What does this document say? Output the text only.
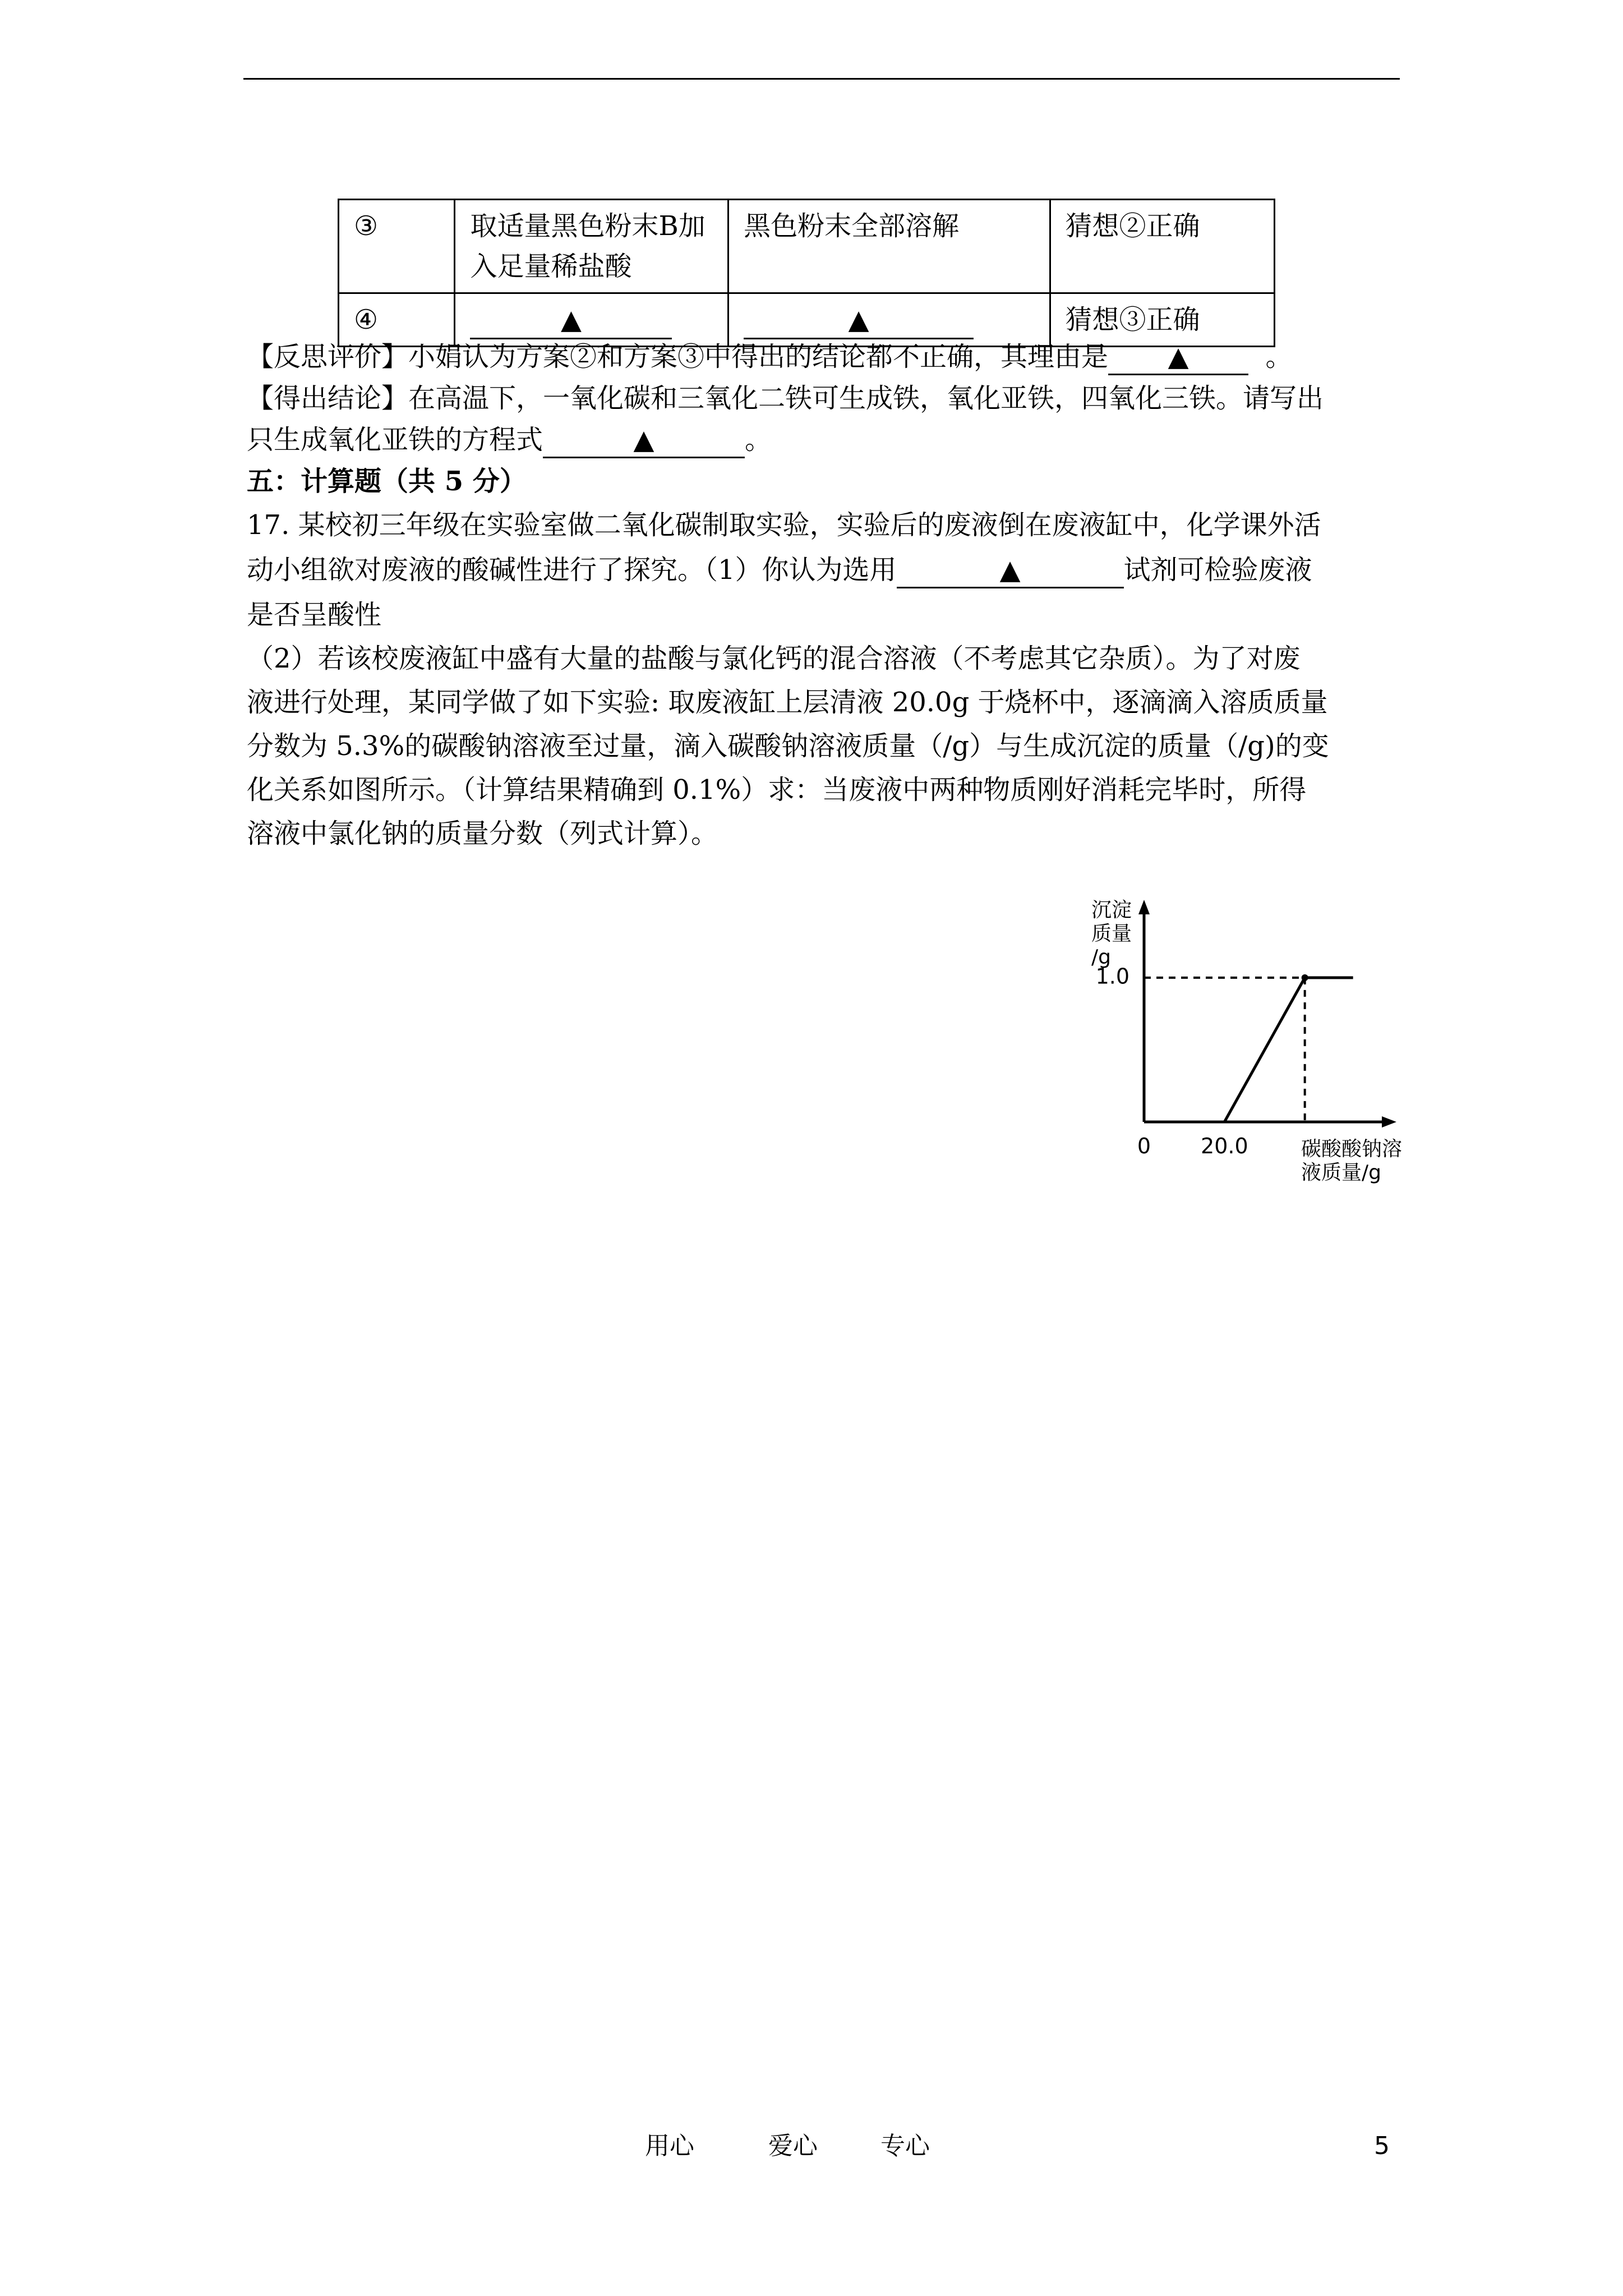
③	取适量黑色粉末B加入足量稀盐酸	黑色粉末全部溶解	猜想②正确
④	▲	▲	猜想③正确
【反思评价】小娟认为方案②和方案③中得出的结论都不正确，其理由是 ▲	。
【得出结论】在高温下，一氧化碳和三氧化二铁可生成铁，氧化亚铁，四氧化三铁。请写出
只生成氧化亚铁的方程式	▲	。
五：计算题（共 5 分）
17. 某校初三年级在实验室做二氧化碳制取实验，实验后的废液倒在废液缸中，化学课外活
动小组欲对废液的酸碱性进行了探究。（1）你认为选用	▲	试剂可检验废液
是否呈酸性
（2）若该校废液缸中盛有大量的盐酸与氯化钙的混合溶液（不考虑其它杂质）。为了对废
液进行处理，某同学做了如下实验: 取废液缸上层清液 20.0g 于烧杯中，逐滴滴入溶质质量
分数为 5.3%的碳酸钠溶液至过量，滴入碳酸钠溶液质量（/g）与生成沉淀的质量（/g)的变
化关系如图所示。（计算结果精确到 0.1%）求：当废液中两种物质刚好消耗完毕时，所得
溶液中氯化钠的质量分数（列式计算）。
沉淀
质量
/g
1.0
0 20.0	碳酸酸钠溶
液质量/g
用心	爱心	专心	5
